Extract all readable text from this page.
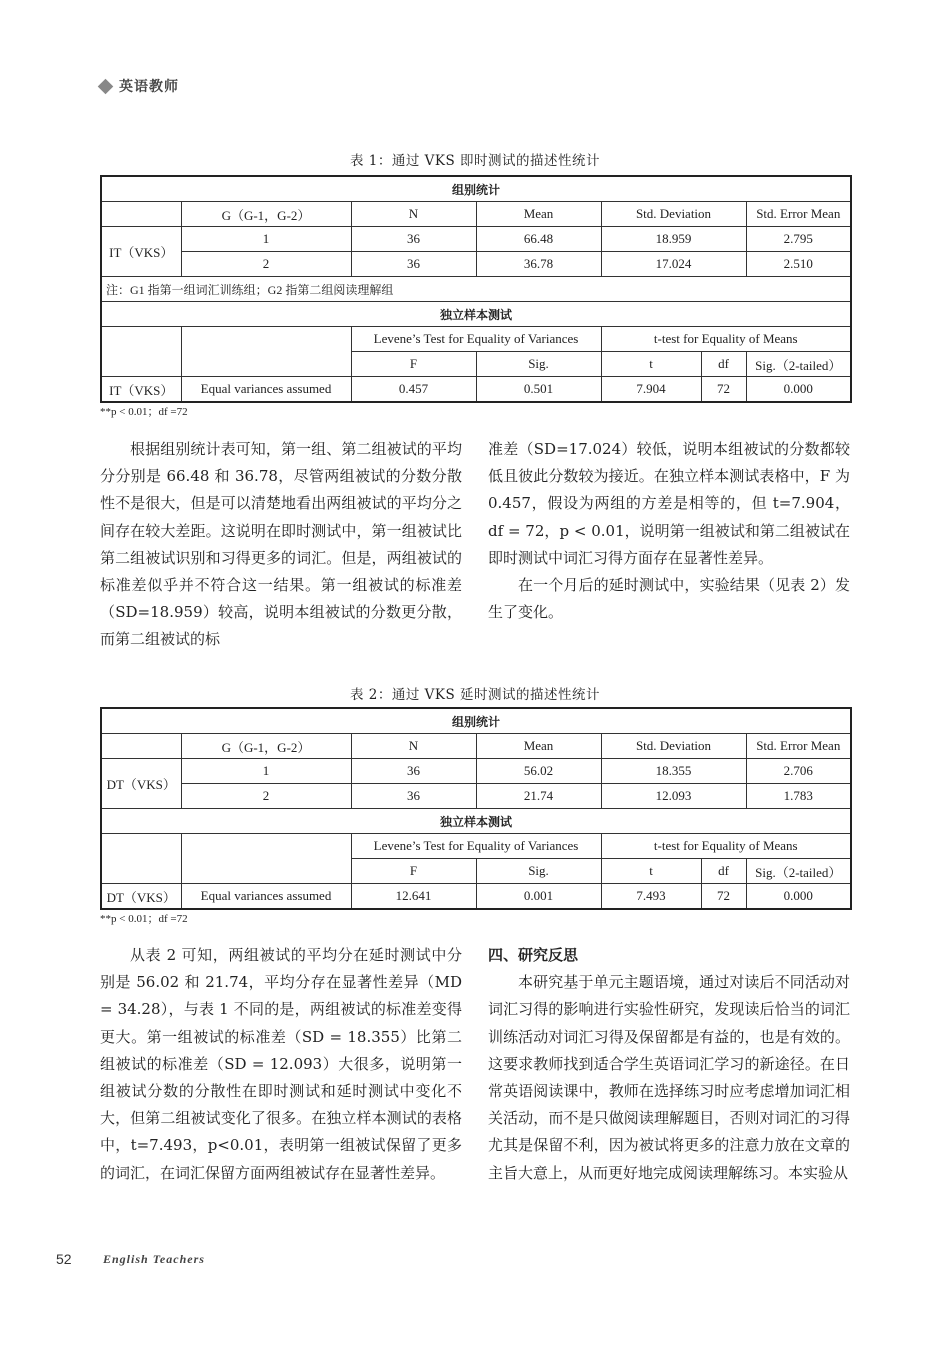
英语教师
表 1：通过 VKS 即时测试的描述性统计
组别统计						
	G（G-1，G-2）	N	Mean	Std. Deviation		Std. Error Mean
IT（VKS）	1	36	66.48	18.959		2.795
	2	36	36.78	17.024		2.510
注：G1 指第一组词汇训练组；G2 指第二组阅读理解组						
独立样本测试						
		Levene’s Test for Equality of Variances		t-test for Equality of Means		
		F	Sig.	t	df	Sig.（2-tailed）
IT（VKS）	Equal variances assumed	0.457	0.501	7.904	72	0.000
**p < 0.01；df =72

根据组别统计表可知，第一组、第二组被试的平均分分别是 66.48 和 36.78，尽管两组被试的分数分散性不是很大，但是可以清楚地看出两组被试的平均分之间存在较大差距。这说明在即时测试中，第一组被试比第二组被试识别和习得更多的词汇。但是，两组被试的标准差似乎并不符合这一结果。第一组被试的标准差（SD=18.959）较高，说明本组被试的分数更分散，而第二组被试的标

准差（SD=17.024）较低，说明本组被试的分数都较低且彼此分数较为接近。在独立样本测试表格中，F 为 0.457，假设为两组的方差是相等的，但 t=7.904，df = 72，p < 0.01，说明第一组被试和第二组被试在即时测试中词汇习得方面存在显著性差异。

在一个月后的延时测试中，实验结果（见表 2）发生了变化。

表 2：通过 VKS 延时测试的描述性统计
组别统计						
	G（G-1，G-2）	N	Mean	Std. Deviation		Std. Error Mean
DT（VKS）	1	36	56.02	18.355		2.706
	2	36	21.74	12.093		1.783
独立样本测试						
		Levene’s Test for Equality of Variances		t-test for Equality of Means		
		F	Sig.	t	df	Sig.（2-tailed）
DT（VKS）	Equal variances assumed	12.641	0.001	7.493	72	0.000
**p < 0.01；df =72

从表 2 可知，两组被试的平均分在延时测试中分别是 56.02 和 21.74，平均分存在显著性差异（MD = 34.28），与表 1 不同的是，两组被试的标准差变得更大。第一组被试的标准差（SD = 18.355）比第二组被试的标准差（SD = 12.093）大很多，说明第一组被试分数的分散性在即时测试和延时测试中变化不大，但第二组被试变化了很多。在独立样本测试的表格中，t=7.493，p<0.01，表明第一组被试保留了更多的词汇，在词汇保留方面两组被试存在显著性差异。

四、研究反思

本研究基于单元主题语境，通过对读后不同活动对词汇习得的影响进行实验性研究，发现读后恰当的词汇训练活动对词汇习得及保留都是有益的，也是有效的。这要求教师找到适合学生英语词汇学习的新途径。在日常英语阅读课中，教师在选择练习时应考虑增加词汇相关活动，而不是只做阅读理解题目，否则对词汇的习得尤其是保留不利，因为被试将更多的注意力放在文章的主旨大意上，从而更好地完成阅读理解练习。本实验从

52	English Teachers
